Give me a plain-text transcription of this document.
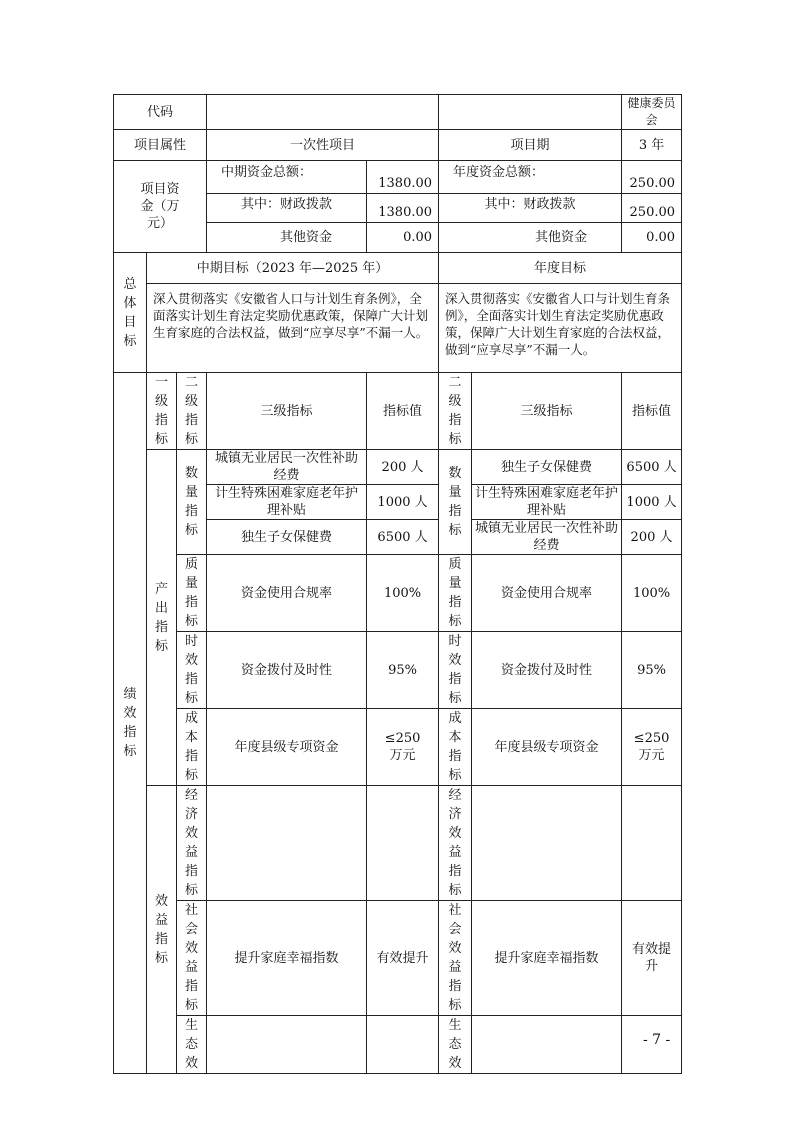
代码							健康委员会
项目属性			一次性项目		项目期		3 年
项目资金（万元）			中期资金总额：	1380.00	年度资金总额：		250.00
			其中：财政拨款	1380.00	其中：财政拨款		250.00
			其他资金	0.00	其他资金		0.00
总体目标	中期目标（2023 年—2025 年）				年度目标		
	深入贯彻落实《安徽省人口与计划生育条例》，全面落实计划生育法定奖励优惠政策，保障广大计划生育家庭的合法权益，做到“应享尽享”不漏一人。				深入贯彻落实《安徽省人口与计划生育条例》，全面落实计划生育法定奖励优惠政策，保障广大计划生育家庭的合法权益，做到“应享尽享”不漏一人。		
绩效指标	一级指标	二级指标	三级指标	指标值	二级指标	三级指标	指标值
	产出指标	数量指标	城镇无业居民一次性补助经费	200 人	数量指标	独生子女保健费	6500 人
			计生特殊困难家庭老年护理补贴	1000 人		计生特殊困难家庭老年护理补贴	1000 人
			独生子女保健费	6500 人		城镇无业居民一次性补助经费	200 人
		质量指标	资金使用合规率	100%	质量指标	资金使用合规率	100%
		时效指标	资金拨付及时性	95%	时效指标	资金拨付及时性	95%
		成本指标	年度县级专项资金	≤250 万元	成本指标	年度县级专项资金	≤250 万元
	效益指标	经济效益指标			经济效益指标		
		社会效益指标	提升家庭幸福指数	有效提升	社会效益指标	提升家庭幸福指数	有效提升
		生态效			生态效		
- 7 -
